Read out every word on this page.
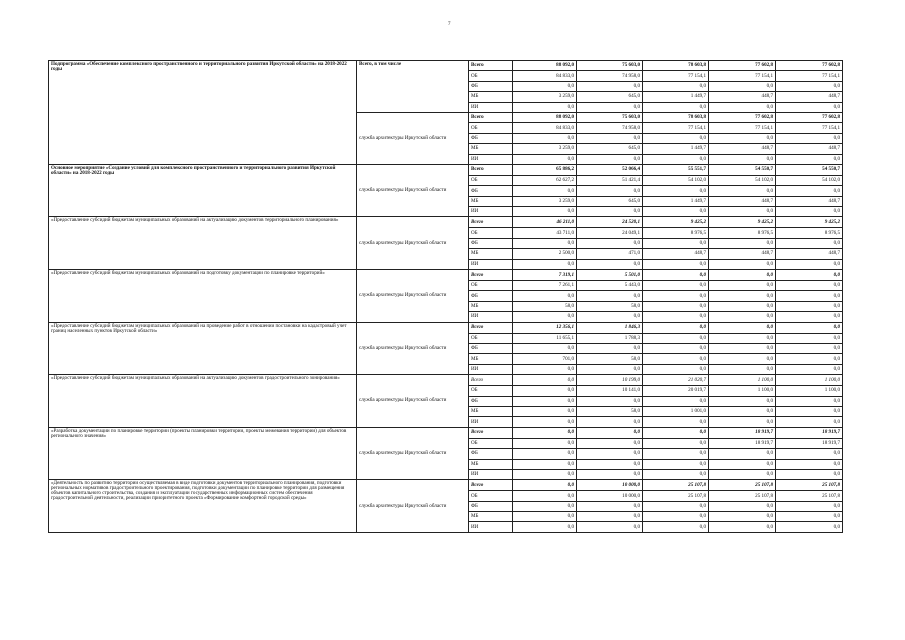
7
Подпрограмма «Обеспечение комплексного пространственного и территориального развития Иркутской области» на 2018-2022 годы	Всего, в том числе	Всего	88 092,0	75 603,0	78 603,8	77 602,8	77 602,8
		ОБ	84 833,0	74 958,0	77 154,1	77 154,1	77 154,1
		ФБ	0,0	0,0	0,0	0,0	0,0
		МБ	3 259,0	645,0	1 449,7	448,7	448,7
		ИИ	0,0	0,0	0,0	0,0	0,0
	служба архитектуры Иркутской области	Всего	88 092,0	75 603,0	78 603,8	77 602,8	77 602,8
		ОБ	84 833,0	74 958,0	77 154,1	77 154,1	77 154,1
		ФБ	0,0	0,0	0,0	0,0	0,0
		МБ	3 259,0	645,0	1 449,7	448,7	448,7
		ИИ	0,0	0,0	0,0	0,0	0,0
Основное мероприятие «Создание условий для комплексного пространственного и территориального развития Иркутской области» на 2018-2022 годы	служба архитектуры Иркутской области	Всего	65 886,2	52 066,4	55 551,7	54 550,7	54 550,7
		ОБ	62 627,2	51 421,4	54 102,0	54 102,0	54 102,0
		ФБ	0,0	0,0	0,0	0,0	0,0
		МБ	3 259,0	645,0	1 449,7	448,7	448,7
		ИИ	0,0	0,0	0,0	0,0	0,0
«Предоставление субсидий бюджетам муниципальных образований на актуализацию документов территориального планирования»	служба архитектуры Иркутской области	Всего	46 211,0	24 520,1	9 425,2	9 425,2	9 425,2
		ОБ	43 711,0	24 049,1	8 976,5	8 976,5	8 976,5
		ФБ	0,0	0,0	0,0	0,0	0,0
		МБ	2 500,0	471,0	448,7	448,7	448,7
		ИИ	0,0	0,0	0,0	0,0	0,0
«Предоставление субсидий бюджетам муниципальных образований на подготовку документации по планировке территорий»	служба архитектуры Иркутской области	Всего	7 319,1	5 501,0	0,0	0,0	0,0
		ОБ	7 261,1	5 443,0	0,0	0,0	0,0
		ФБ	0,0	0,0	0,0	0,0	0,0
		МБ	58,0	58,0	0,0	0,0	0,0
		ИИ	0,0	0,0	0,0	0,0	0,0
«Предоставление субсидий бюджетам муниципальных образований на проведение работ в отношении постановки на кадастровый учет границ населенных пунктов Иркутской области»	служба архитектуры Иркутской области	Всего	12 356,1	1 846,3	0,0	0,0	0,0
		ОБ	11 655,1	1 788,3	0,0	0,0	0,0
		ФБ	0,0	0,0	0,0	0,0	0,0
		МБ	701,0	58,0	0,0	0,0	0,0
		ИИ	0,0	0,0	0,0	0,0	0,0
«Предоставление субсидий бюджетам муниципальных образований на актуализацию документов градостроительного зонирования»	служба архитектуры Иркутской области	Всего	0,0	10 199,0	21 020,7	1 100,0	1 100,0
		ОБ	0,0	10 141,0	20 019,7	1 100,0	1 100,0
		ФБ	0,0	0,0	0,0	0,0	0,0
		МБ	0,0	58,0	1 001,0	0,0	0,0
		ИИ	0,0	0,0	0,0	0,0	0,0
«Разработка документации по планировке территории (проекты планировки территории, проекты межевания территории) для объектов регионального значения»	служба архитектуры Иркутской области	Всего	0,0	0,0	0,0	18 919,7	18 919,7
		ОБ	0,0	0,0	0,0	18 919,7	18 919,7
		ФБ	0,0	0,0	0,0	0,0	0,0
		МБ	0,0	0,0	0,0	0,0	0,0
		ИИ	0,0	0,0	0,0	0,0	0,0
«Деятельность по развитию территории осуществляемая в виде подготовки документов территориального планирования, подготовки региональных нормативов градостроительного проектирования, подготовки документации по планировке территории для размещения объектов капитального строительства, создания и эксплуатации государственных информационных систем обеспечения градостроительной деятельности, реализации приоритетного проекта «Формирование комфортной городской среды»	служба архитектуры Иркутской области	Всего	0,0	10 000,0	25 107,8	25 107,8	25 107,8
		ОБ	0,0	10 000,0	25 107,8	25 107,8	25 107,8
		ФБ	0,0	0,0	0,0	0,0	0,0
		МБ	0,0	0,0	0,0	0,0	0,0
		ИИ	0,0	0,0	0,0	0,0	0,0
